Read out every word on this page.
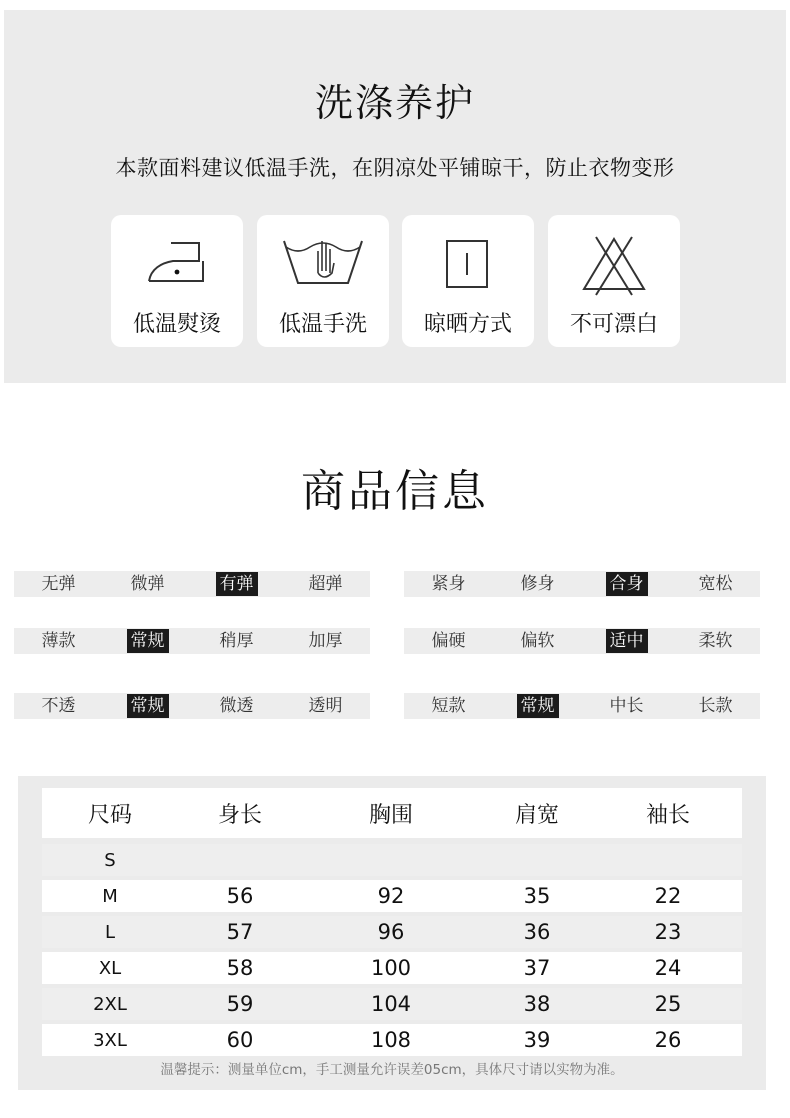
洗涤养护
本款面料建议低温手洗，在阴凉处平铺晾干，防止衣物变形
低温熨烫	低温手洗	晾晒方式	不可漂白
商品信息
无弹	微弹	有弹	超弹	紧身	修身	合身	宽松
薄款	常规	稍厚	加厚	偏硬	偏软	适中	柔软
不透	常规	微透	透明	短款	常规	中长	长款
尺码	身长	胸围	肩宽	袖长
S
M	56	92	35	22
L	57	96	36	23
XL	58	100	37	24
2XL	59	104	38	25
3XL	60	108	39	26
温馨提示：测量单位cm，手工测量允许误差05cm，具体尺寸请以实物为准。
